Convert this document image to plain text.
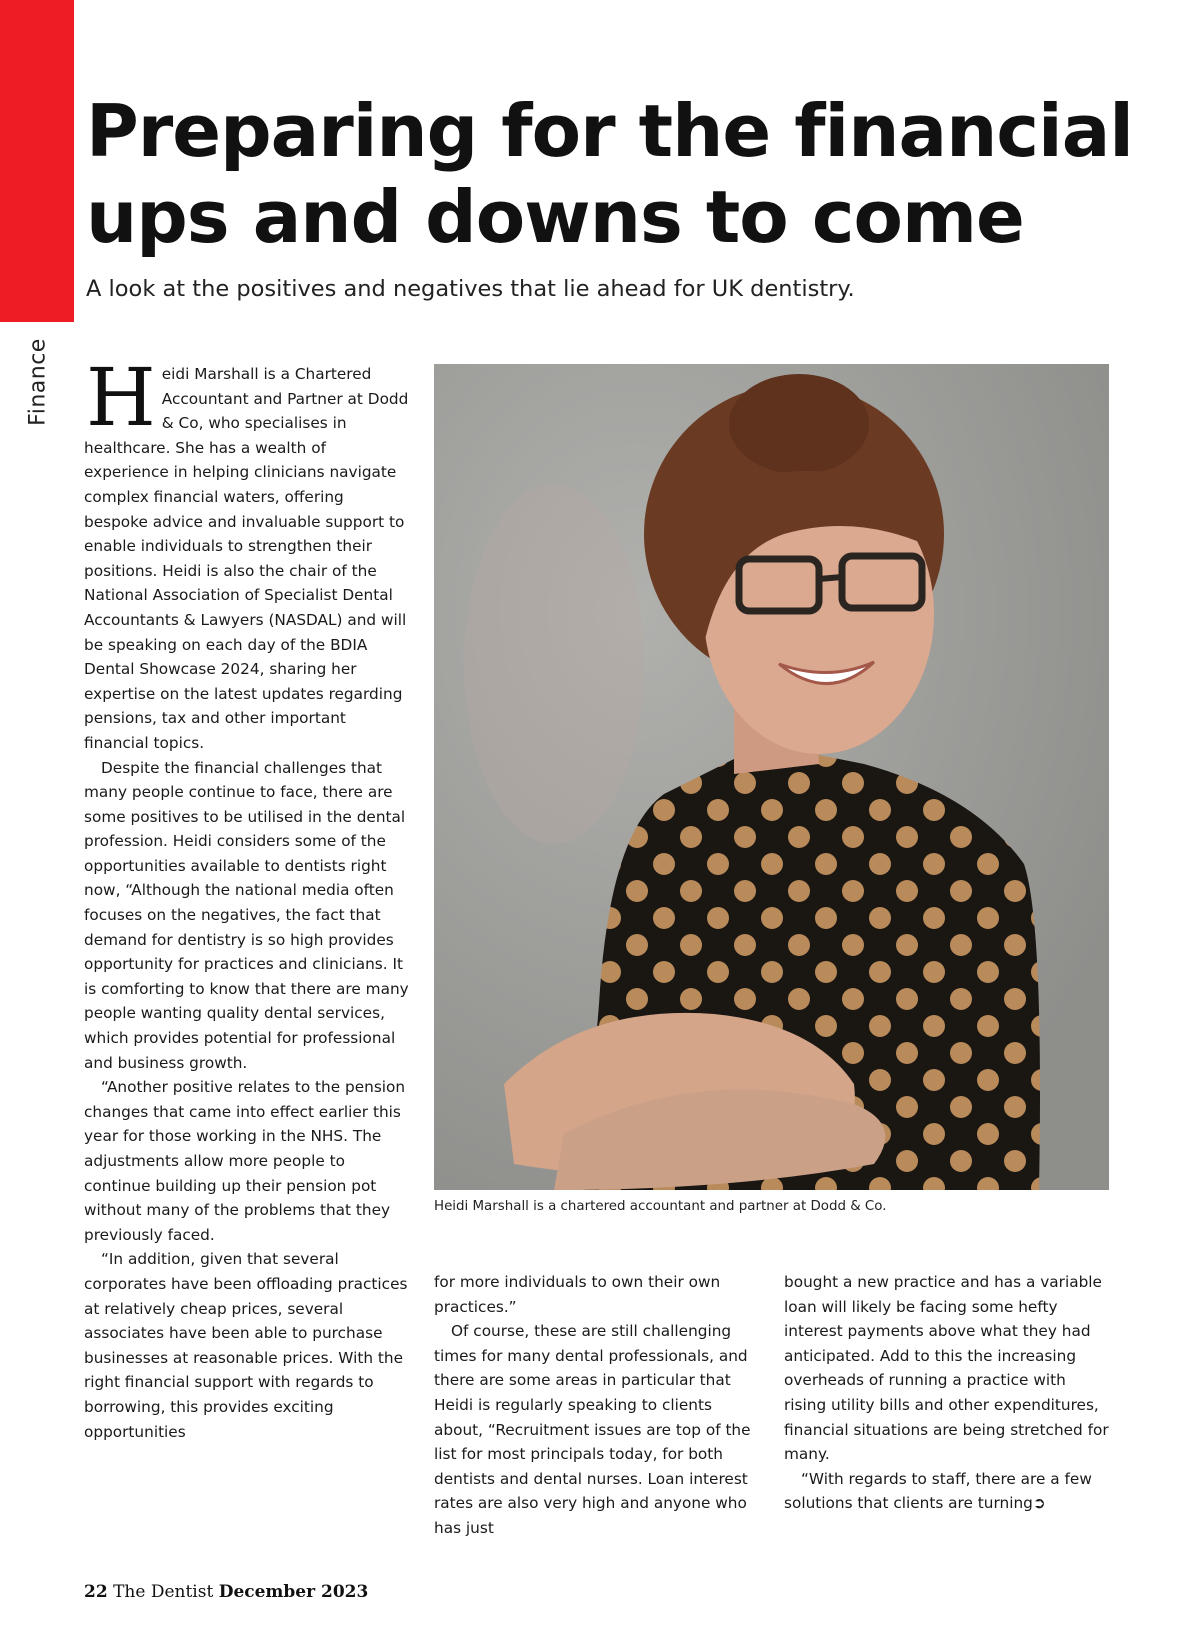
Finance
Preparing for the financial ups and downs to come

A look at the positives and negatives that lie ahead for UK dentistry.

Heidi Marshall is a Chartered Accountant and Partner at Dodd & Co, who specialises in healthcare. She has a wealth of experience in helping clinicians navigate complex financial waters, offering bespoke advice and invaluable support to enable individuals to strengthen their positions. Heidi is also the chair of the National Association of Specialist Dental Accountants & Lawyers (NASDAL) and will be speaking on each day of the BDIA Dental Showcase 2024, sharing her expertise on the latest updates regarding pensions, tax and other important financial topics.

Despite the financial challenges that many people continue to face, there are some positives to be utilised in the dental profession. Heidi considers some of the opportunities available to dentists right now, “Although the national media often focuses on the negatives, the fact that demand for dentistry is so high provides opportunity for practices and clinicians. It is comforting to know that there are many people wanting quality dental services, which provides potential for professional and business growth.

“Another positive relates to the pension changes that came into effect earlier this year for those working in the NHS. The adjustments allow more people to continue building up their pension pot without many of the problems that they previously faced.

“In addition, given that several corporates have been offloading practices at relatively cheap prices, several associates have been able to purchase businesses at reasonable prices. With the right financial support with regards to borrowing, this provides exciting opportunities

Heidi Marshall is a chartered accountant and partner at Dodd & Co.

for more individuals to own their own practices.”

Of course, these are still challenging times for many dental professionals, and there are some areas in particular that Heidi is regularly speaking to clients about, “Recruitment issues are top of the list for most principals today, for both dentists and dental nurses. Loan interest rates are also very high and anyone who has just

bought a new practice and has a variable loan will likely be facing some hefty interest payments above what they had anticipated. Add to this the increasing overheads of running a practice with rising utility bills and other expenditures, financial situations are being stretched for many.

“With regards to staff, there are a few solutions that clients are turning➲

22 The Dentist December 2023
